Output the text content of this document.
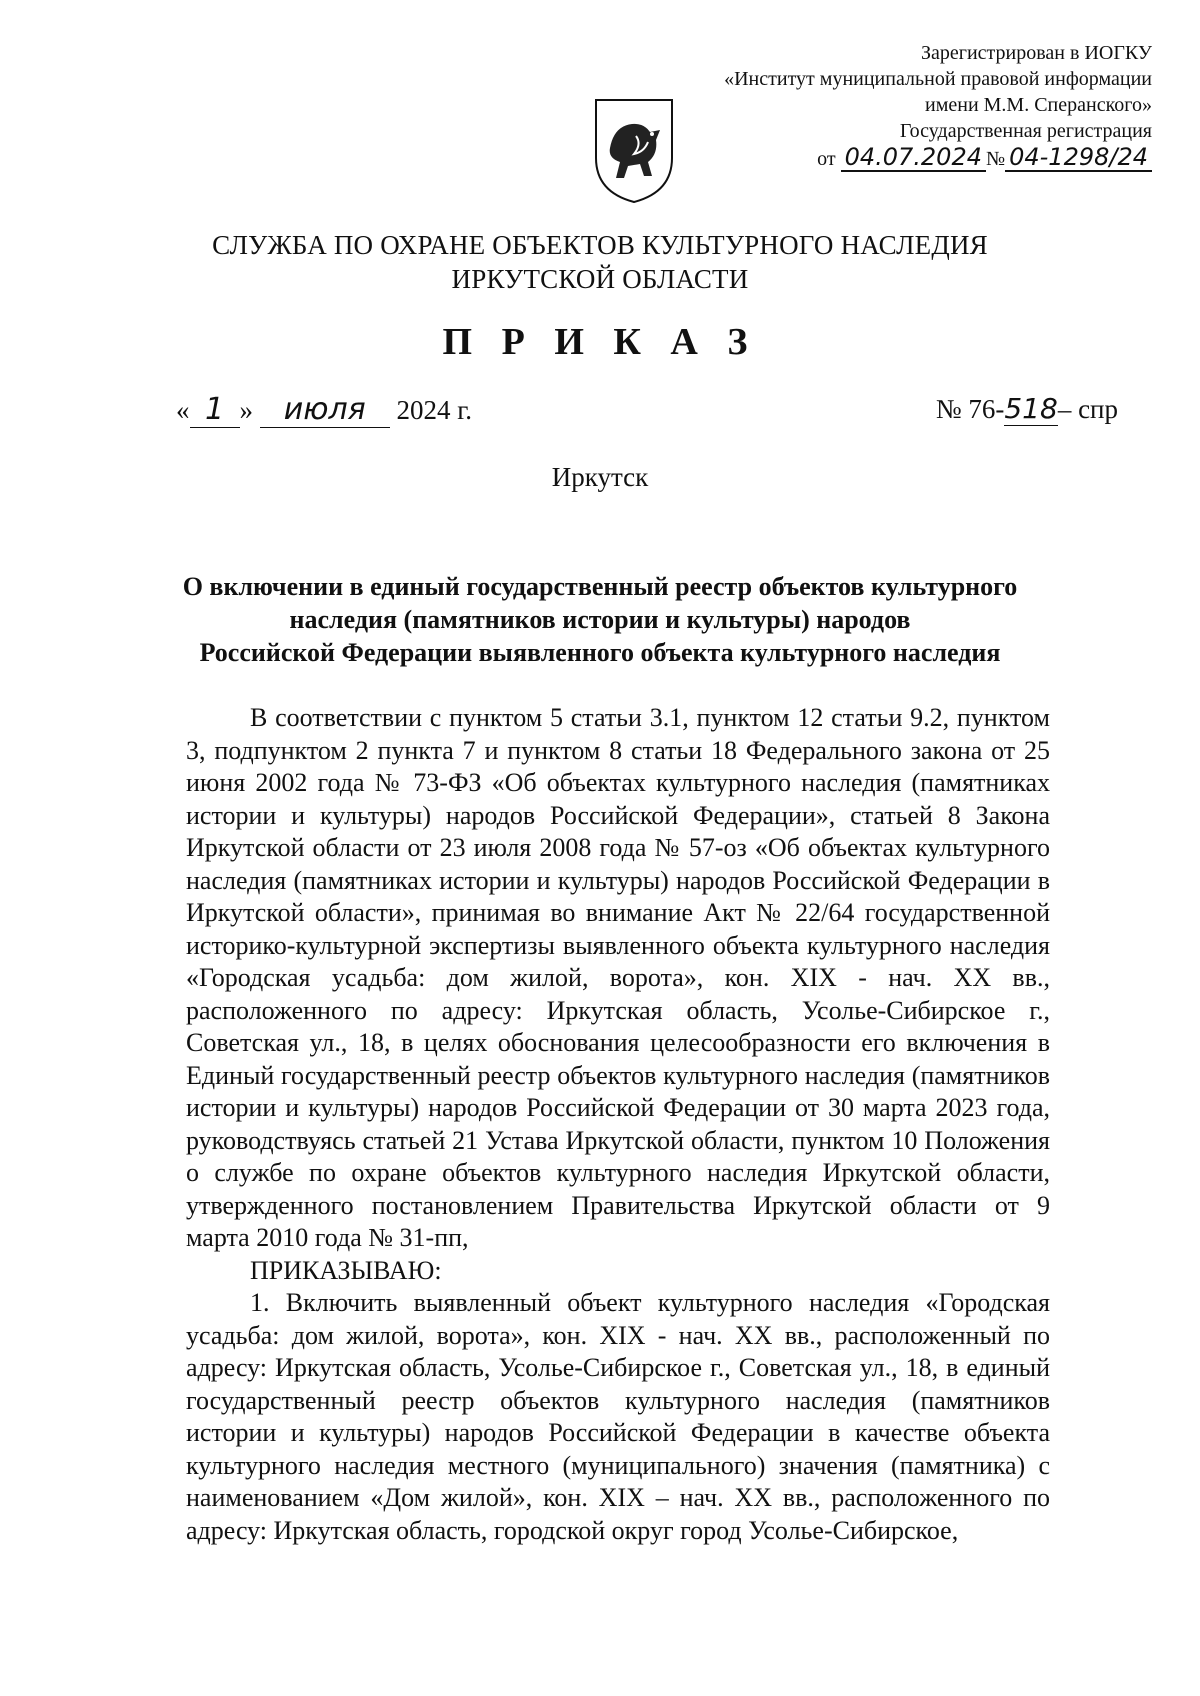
Зарегистрирован в ИОГКУ
«Институт муниципальной правовой информации
имени М.М. Сперанского»
Государственная регистрация
от 04.07.2024 № 04-1298/24
СЛУЖБА ПО ОХРАНЕ ОБЪЕКТОВ КУЛЬТУРНОГО НАСЛЕДИЯ
ИРКУТСКОЙ ОБЛАСТИ
П Р И К А З
« 1 » июля 2024 г.	№ 76-518– спр
Иркутск
О включении в единый государственный реестр объектов культурного
наследия (памятников истории и культуры) народов
Российской Федерации выявленного объекта культурного наследия

В соответствии с пунктом 5 статьи 3.1, пунктом 12 статьи 9.2, пунктом 3, подпунктом 2 пункта 7 и пунктом 8 статьи 18 Федерального закона от 25 июня 2002 года № 73-ФЗ «Об объектах культурного наследия (памятниках истории и культуры) народов Российской Федерации», статьей 8 Закона Иркутской области от 23 июля 2008 года № 57-оз «Об объектах культурного наследия (памятниках истории и культуры) народов Российской Федерации в Иркутской области», принимая во внимание Акт № 22/64 государственной историко-культурной экспертизы выявленного объекта культурного наследия «Городская усадьба: дом жилой, ворота», кон. XIX - нач. XX вв., расположенного по адресу: Иркутская область, Усолье-Сибирское г., Советская ул., 18, в целях обоснования целесообразности его включения в Единый государственный реестр объектов культурного наследия (памятников истории и культуры) народов Российской Федерации от 30 марта 2023 года, руководствуясь статьей 21 Устава Иркутской области, пунктом 10 Положения о службе по охране объектов культурного наследия Иркутской области, утвержденного постановлением Правительства Иркутской области от 9 марта 2010 года № 31-пп,

ПРИКАЗЫВАЮ:

1. Включить выявленный объект культурного наследия «Городская усадьба: дом жилой, ворота», кон. XIX - нач. XX вв., расположенный по адресу: Иркутская область, Усолье-Сибирское г., Советская ул., 18, в единый государственный реестр объектов культурного наследия (памятников истории и культуры) народов Российской Федерации в качестве объекта культурного наследия местного (муниципального) значения (памятника) с наименованием «Дом жилой», кон. XIX – нач. XX вв., расположенного по адресу: Иркутская область, городской округ город Усолье-Сибирское,
